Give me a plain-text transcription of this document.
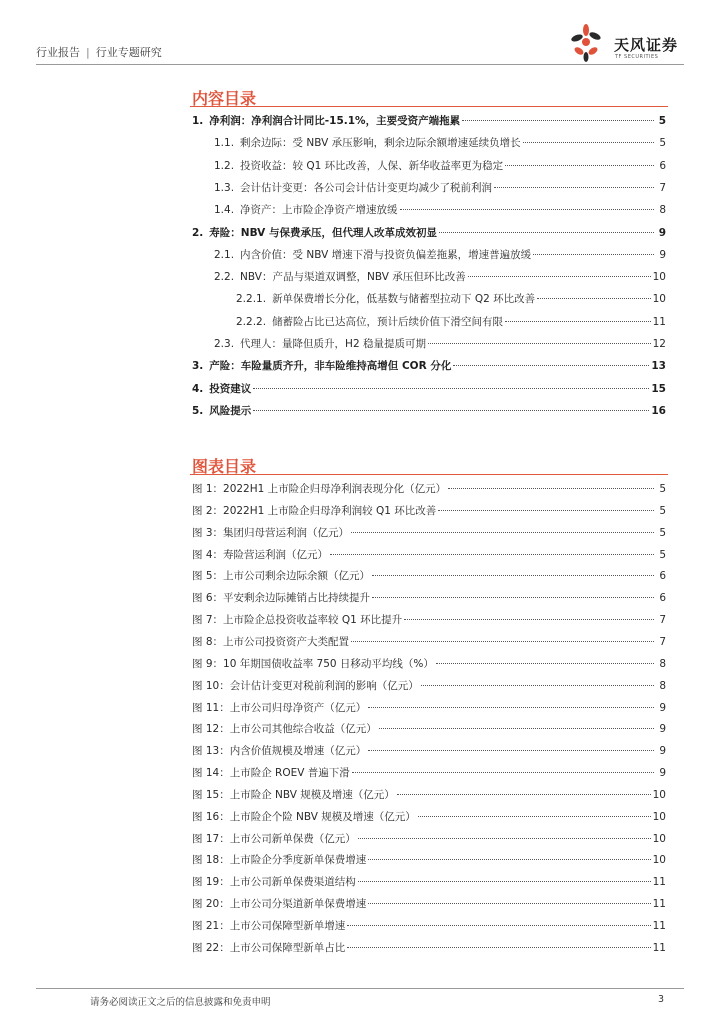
行业报告 | 行业专题研究	天风证券
TF SECURITIES
内容目录
1. 净利润：净利润合计同比-15.1%，主要受资产端拖累	5
1.1. 剩余边际：受 NBV 承压影响，剩余边际余额增速延续负增长	5
1.2. 投资收益：较 Q1 环比改善，人保、新华收益率更为稳定	6
1.3. 会计估计变更：各公司会计估计变更均减少了税前利润	7
1.4. 净资产：上市险企净资产增速放缓	8
2. 寿险：NBV 与保费承压，但代理人改革成效初显	9
2.1. 内含价值：受 NBV 增速下滑与投资负偏差拖累，增速普遍放缓	9
2.2. NBV：产品与渠道双调整，NBV 承压但环比改善	10
2.2.1. 新单保费增长分化，低基数与储蓄型拉动下 Q2 环比改善	10
2.2.2. 储蓄险占比已达高位，预计后续价值下滑空间有限	11
2.3. 代理人：量降但质升，H2 稳量提质可期	12
3. 产险：车险量质齐升，非车险维持高增但 COR 分化	13
4. 投资建议	15
5. 风险提示	16
图表目录
图 1：2022H1 上市险企归母净利润表现分化（亿元）	5
图 2：2022H1 上市险企归母净利润较 Q1 环比改善	5
图 3：集团归母营运利润（亿元）	5
图 4：寿险营运利润（亿元）	5
图 5：上市公司剩余边际余额（亿元）	6
图 6：平安剩余边际摊销占比持续提升	6
图 7：上市险企总投资收益率较 Q1 环比提升	7
图 8：上市公司投资资产大类配置	7
图 9：10 年期国债收益率 750 日移动平均线（%）	8
图 10：会计估计变更对税前利润的影响（亿元）	8
图 11：上市公司归母净资产（亿元）	9
图 12：上市公司其他综合收益（亿元）	9
图 13：内含价值规模及增速（亿元）	9
图 14：上市险企 ROEV 普遍下滑	9
图 15：上市险企 NBV 规模及增速（亿元）	10
图 16：上市险企个险 NBV 规模及增速（亿元）	10
图 17：上市公司新单保费（亿元）	10
图 18：上市险企分季度新单保费增速	10
图 19：上市公司新单保费渠道结构	11
图 20：上市公司分渠道新单保费增速	11
图 21：上市公司保障型新单增速	11
图 22：上市公司保障型新单占比	11
请务必阅读正文之后的信息披露和免责申明	3
